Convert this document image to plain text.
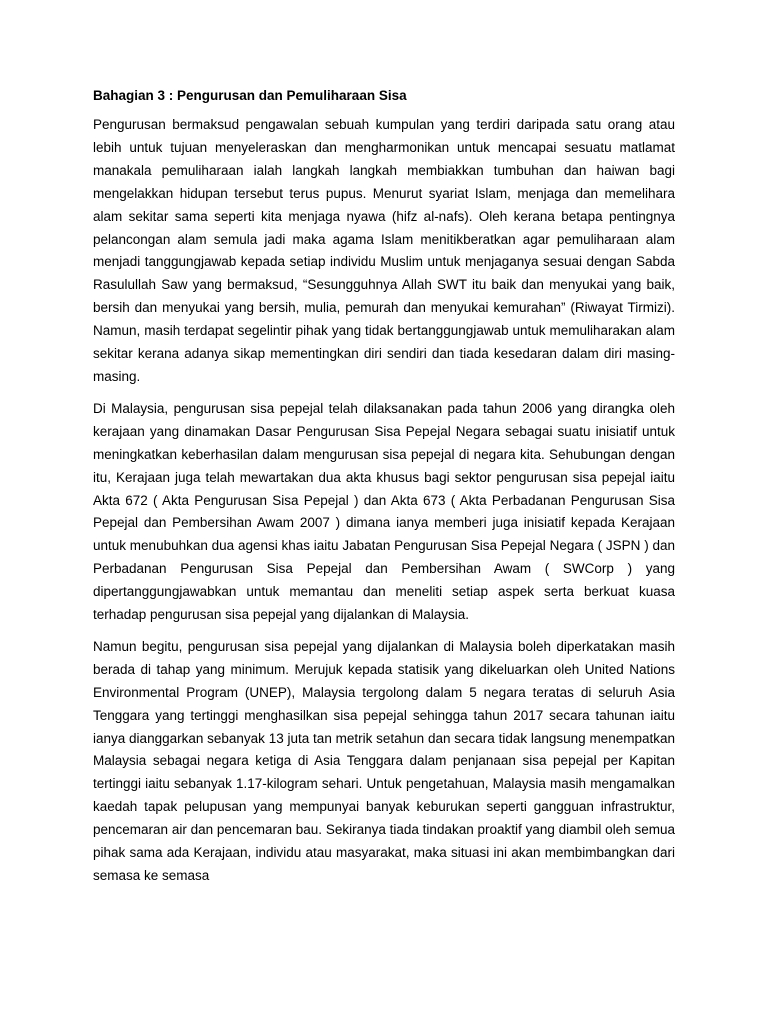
Bahagian 3 : Pengurusan dan Pemuliharaan Sisa

Pengurusan bermaksud pengawalan sebuah kumpulan yang terdiri daripada satu orang atau lebih untuk tujuan menyeleraskan dan mengharmonikan untuk mencapai sesuatu matlamat manakala pemuliharaan ialah langkah langkah membiakkan tumbuhan dan haiwan bagi mengelakkan hidupan tersebut terus pupus. Menurut syariat Islam, menjaga dan memelihara alam sekitar sama seperti kita menjaga nyawa (hifz al-nafs). Oleh kerana betapa pentingnya pelancongan alam semula jadi maka agama Islam menitikberatkan agar pemuliharaan alam menjadi tanggungjawab kepada setiap individu Muslim untuk menjaganya sesuai dengan Sabda Rasulullah Saw yang bermaksud, “Sesungguhnya Allah SWT itu baik dan menyukai yang baik, bersih dan menyukai yang bersih, mulia, pemurah dan menyukai kemurahan” (Riwayat Tirmizi). Namun, masih terdapat segelintir pihak yang tidak bertanggungjawab untuk memuliharakan alam sekitar kerana adanya sikap mementingkan diri sendiri dan tiada kesedaran dalam diri masing-masing.

Di Malaysia, pengurusan sisa pepejal telah dilaksanakan pada tahun 2006 yang dirangka oleh kerajaan yang dinamakan Dasar Pengurusan Sisa Pepejal Negara sebagai suatu inisiatif untuk meningkatkan keberhasilan dalam mengurusan sisa pepejal di negara kita. Sehubungan dengan itu, Kerajaan juga telah mewartakan dua akta khusus bagi sektor pengurusan sisa pepejal iaitu Akta 672 ( Akta Pengurusan Sisa Pepejal ) dan Akta 673 ( Akta Perbadanan Pengurusan Sisa Pepejal dan Pembersihan Awam 2007 ) dimana ianya memberi juga inisiatif kepada Kerajaan untuk menubuhkan dua agensi khas iaitu Jabatan Pengurusan Sisa Pepejal Negara ( JSPN ) dan Perbadanan Pengurusan Sisa Pepejal dan Pembersihan Awam ( SWCorp ) yang dipertanggungjawabkan untuk memantau dan meneliti setiap aspek serta berkuat kuasa terhadap pengurusan sisa pepejal yang dijalankan di Malaysia.

Namun begitu, pengurusan sisa pepejal yang dijalankan di Malaysia boleh diperkatakan masih berada di tahap yang minimum. Merujuk kepada statisik yang dikeluarkan oleh United Nations Environmental Program (UNEP), Malaysia tergolong dalam 5 negara teratas di seluruh Asia Tenggara yang tertinggi menghasilkan sisa pepejal sehingga tahun 2017 secara tahunan iaitu ianya dianggarkan sebanyak 13 juta tan metrik setahun dan secara tidak langsung menempatkan Malaysia sebagai negara ketiga di Asia Tenggara dalam penjanaan sisa pepejal per Kapitan tertinggi iaitu sebanyak 1.17-kilogram sehari. Untuk pengetahuan, Malaysia masih mengamalkan kaedah tapak pelupusan yang mempunyai banyak keburukan seperti gangguan infrastruktur, pencemaran air dan pencemaran bau. Sekiranya tiada tindakan proaktif yang diambil oleh semua pihak sama ada Kerajaan, individu atau masyarakat, maka situasi ini akan membimbangkan dari semasa ke semasa
